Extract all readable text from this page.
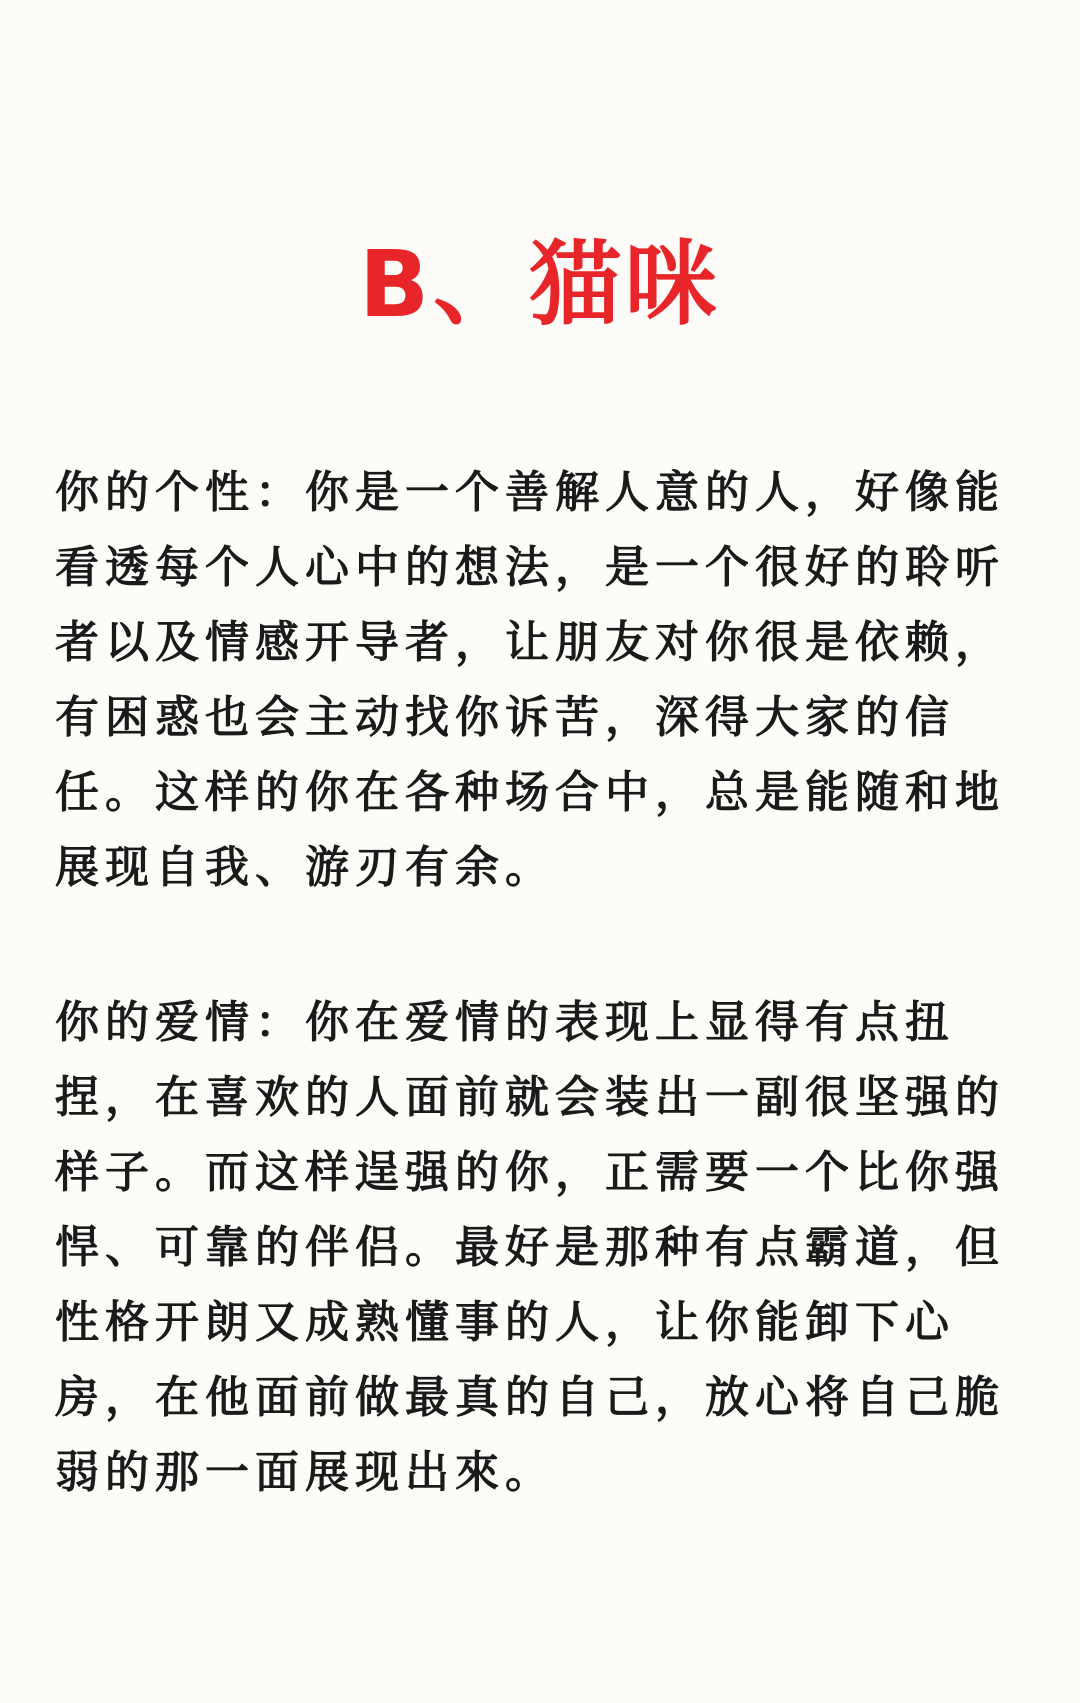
B、猫咪

你的个性：你是一个善解人意的人，好像能看透每个人心中的想法，是一个很好的聆听者以及情感开导者，让朋友对你很是依赖，有困惑也会主动找你诉苦，深得大家的信任。这样的你在各种场合中，总是能随和地展现自我、游刃有余。

你的爱情：你在爱情的表现上显得有点扭捏，在喜欢的人面前就会装出一副很坚强的样子。而这样逞强的你，正需要一个比你强悍、可靠的伴侣。最好是那种有点霸道，但性格开朗又成熟懂事的人，让你能卸下心房，在他面前做最真的自己，放心将自己脆弱的那一面展现出來。
